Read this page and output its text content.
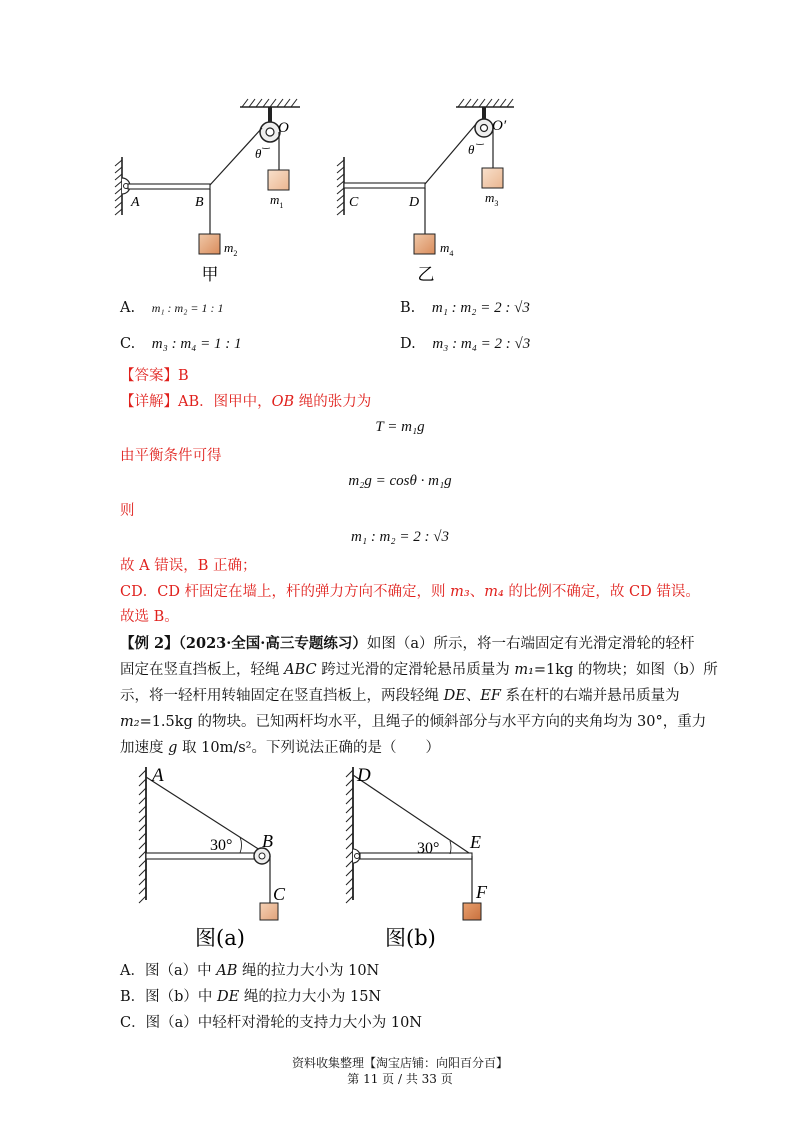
O
θ
A	B	$m_1$
$m_2$
甲
O′
θ
C	D	$m_3$
$m_4$
乙
A. m₁ : m₂ = 1 : 1	B. m₁ : m₂ = 2 : √3
C. m₃ : m₄ = 1 : 1	D. m₃ : m₄ = 2 : √3
【答案】B
【详解】AB．图甲中，OB 绳的张力为
T = m₁g
由平衡条件可得
m₂g = cosθ · m₁g
则
m₁ : m₂ = 2 : √3
故 A 错误，B 正确；
CD．CD 杆固定在墙上，杆的弹力方向不确定，则 m₃、m₄ 的比例不确定，故 CD 错误。
故选 B。
【例 2】（2023·全国·高三专题练习）如图（a）所示，将一右端固定有光滑定滑轮的轻杆
固定在竖直挡板上，轻绳 ABC 跨过光滑的定滑轮悬吊质量为 m₁=1kg 的物块；如图（b）所
示，将一轻杆用转轴固定在竖直挡板上，两段轻绳 DE、EF 系在杆的右端并悬吊质量为
m₂=1.5kg 的物块。已知两杆均水平，且绳子的倾斜部分与水平方向的夹角均为 30°，重力
加速度 g 取 10m/s²。下列说法正确的是（　　）
A
30° B
C
图(a)
D
30° E
F
图(b)
A．图（a）中 AB 绳的拉力大小为 10N
B．图（b）中 DE 绳的拉力大小为 15N
C．图（a）中轻杆对滑轮的支持力大小为 10N
资料收集整理【淘宝店铺：向阳百分百】
第 11 页 / 共 33 页
